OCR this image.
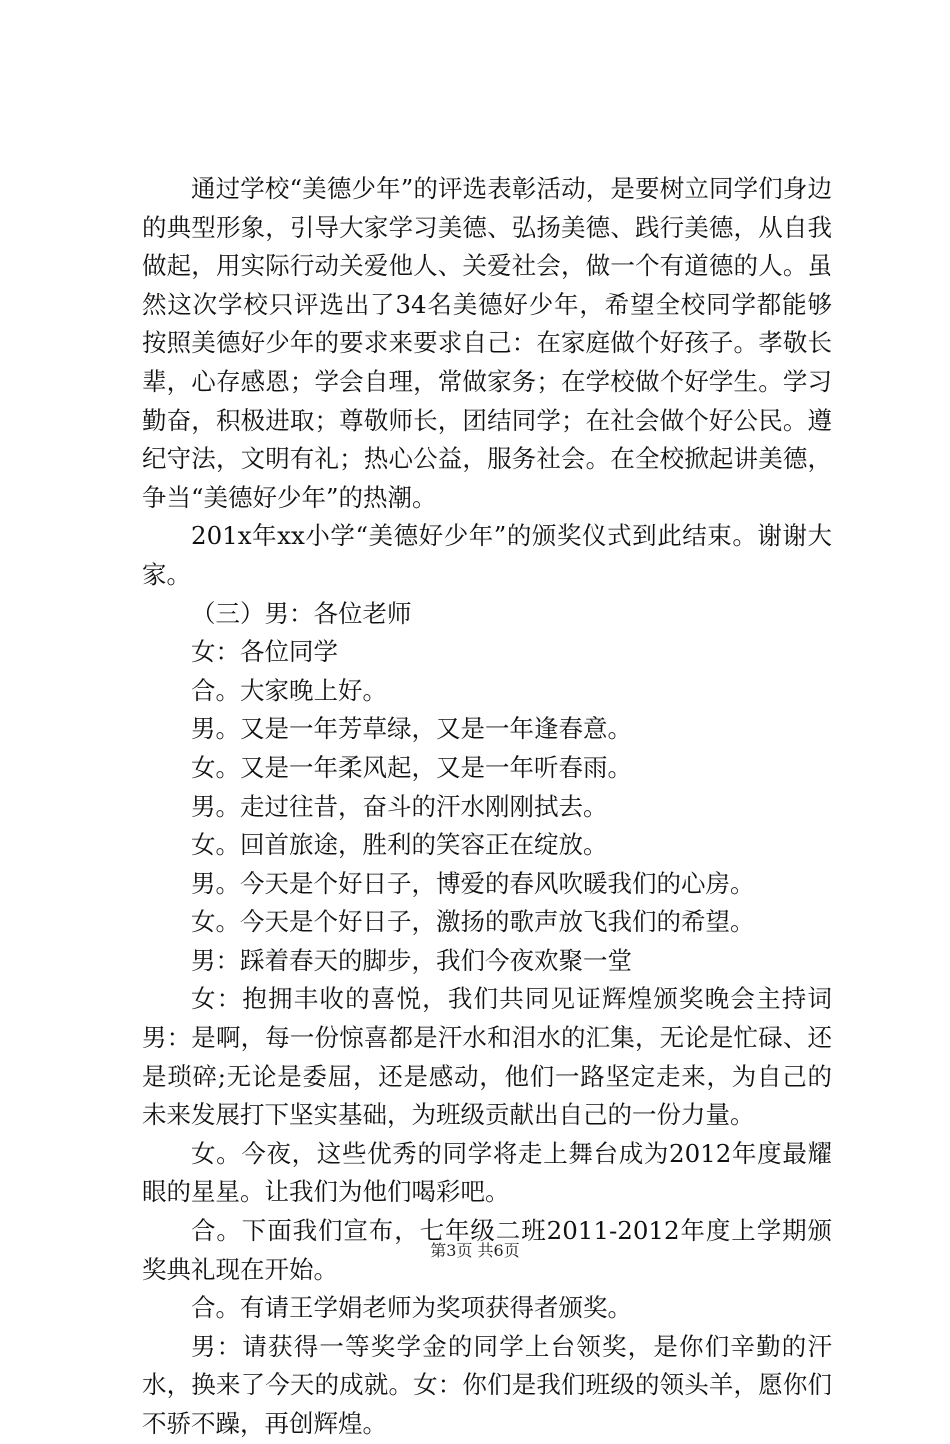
通过学校“美德少年”的评选表彰活动，是要树立同学们身边的典型形象，引导大家学习美德、弘扬美德、践行美德，从自我做起，用实际行动关爱他人、关爱社会，做一个有道德的人。虽然这次学校只评选出了34名美德好少年，希望全校同学都能够按照美德好少年的要求来要求自己：在家庭做个好孩子。孝敬长辈，心存感恩；学会自理，常做家务；在学校做个好学生。学习勤奋，积极进取；尊敬师长，团结同学；在社会做个好公民。遵纪守法，文明有礼；热心公益，服务社会。在全校掀起讲美德，争当“美德好少年”的热潮。

201x年xx小学“美德好少年”的颁奖仪式到此结束。谢谢大家。

（三）男：各位老师

女：各位同学

合。大家晚上好。

男。又是一年芳草绿，又是一年逢春意。

女。又是一年柔风起，又是一年听春雨。

男。走过往昔，奋斗的汗水刚刚拭去。

女。回首旅途，胜利的笑容正在绽放。

男。今天是个好日子，博爱的春风吹暖我们的心房。

女。今天是个好日子，激扬的歌声放飞我们的希望。

男：踩着春天的脚步，我们今夜欢聚一堂

女：抱拥丰收的喜悦，我们共同见证辉煌颁奖晚会主持词男：是啊，每一份惊喜都是汗水和泪水的汇集，无论是忙碌、还是琐碎;无论是委屈，还是感动，他们一路坚定走来，为自己的未来发展打下坚实基础，为班级贡献出自己的一份力量。

女。今夜，这些优秀的同学将走上舞台成为2012年度最耀眼的星星。让我们为他们喝彩吧。

合。下面我们宣布，七年级二班2011-2012年度上学期颁奖典礼现在开始。

合。有请王学娟老师为奖项获得者颁奖。

男：请获得一等奖学金的同学上台领奖，是你们辛勤的汗水，换来了今天的成就。女：你们是我们班级的领头羊，愿你们不骄不躁，再创辉煌。

第3页 共6页
